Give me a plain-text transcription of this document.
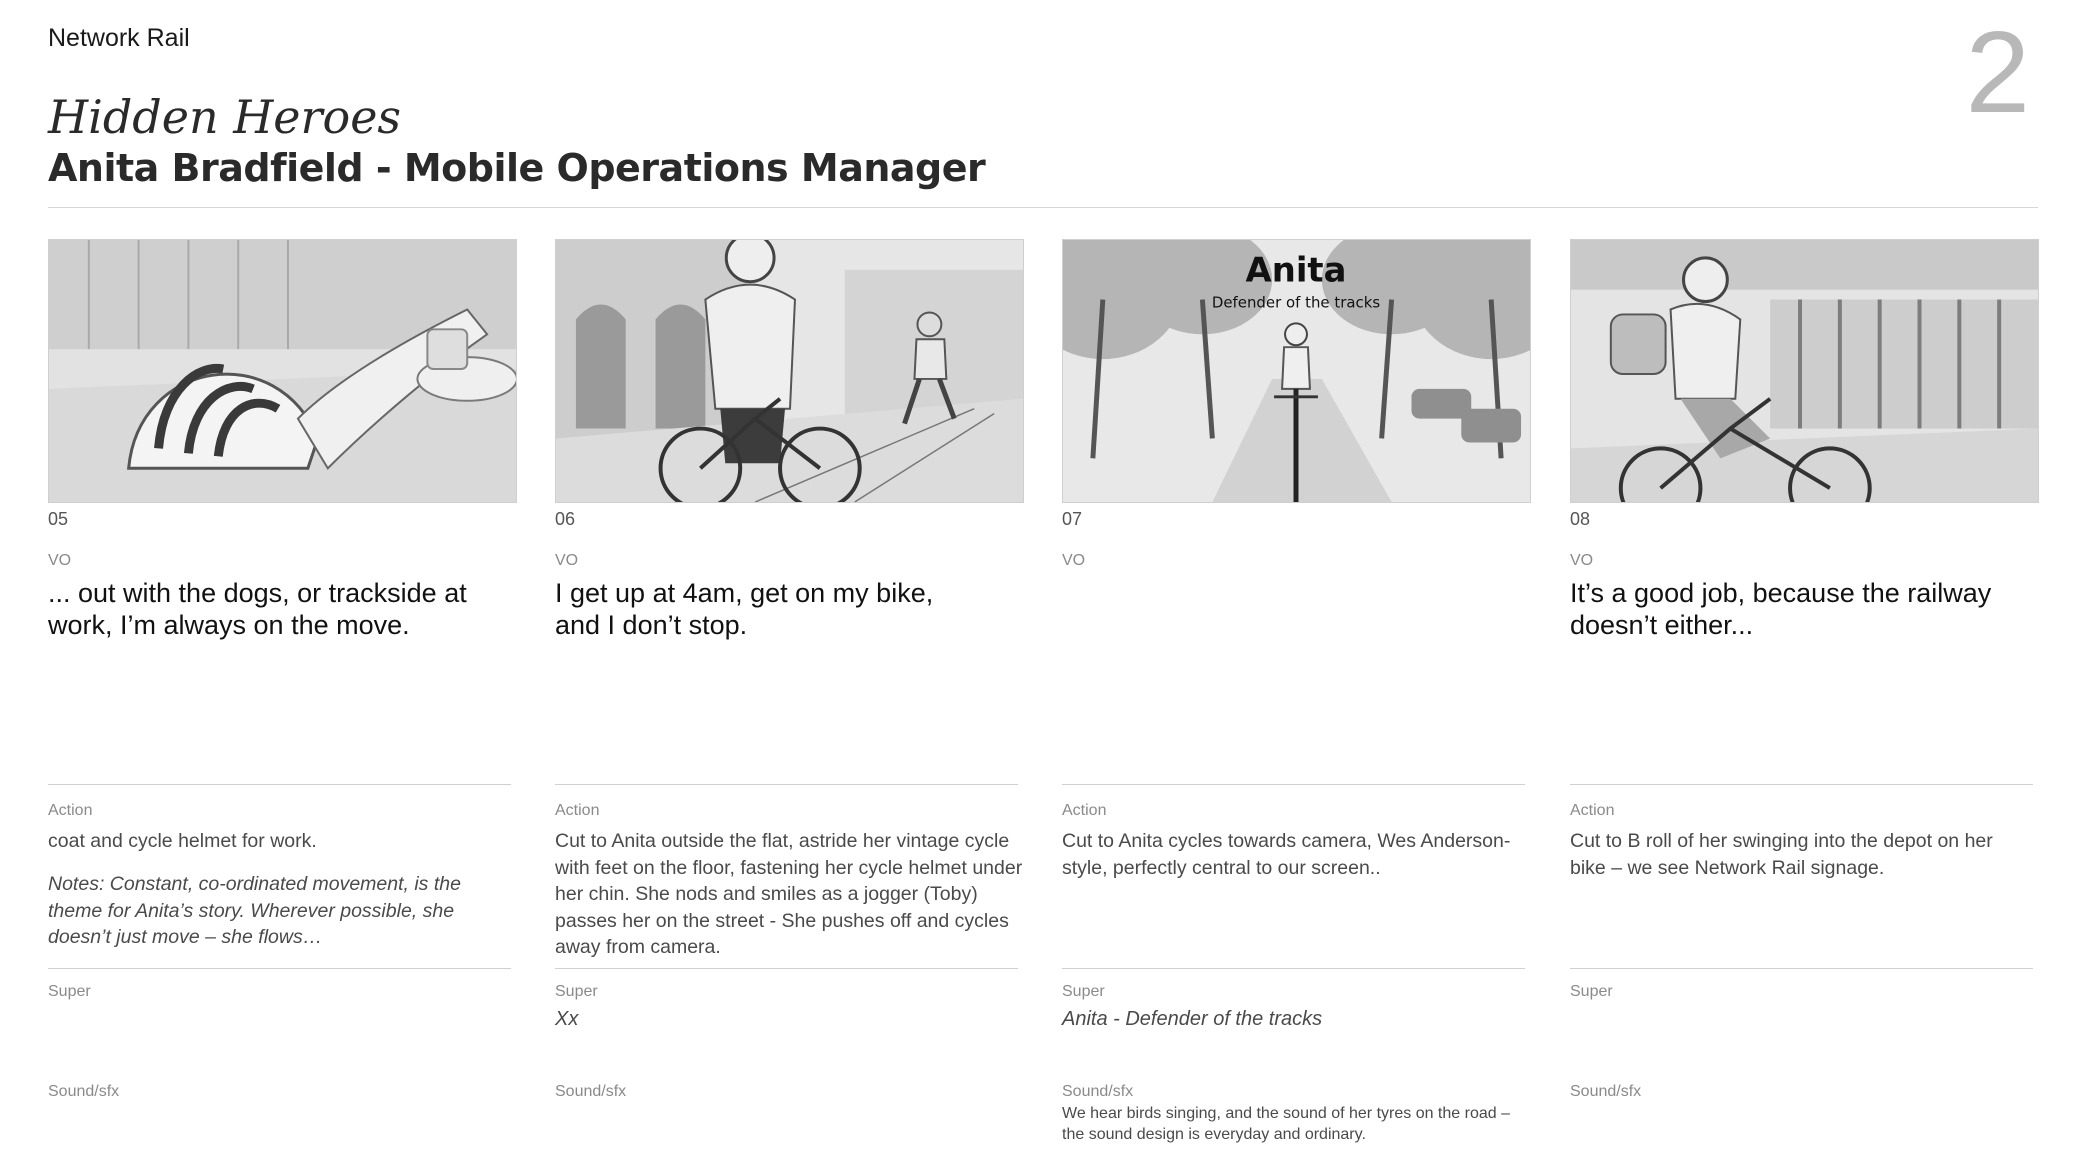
Network Rail	2
Hidden Heroes
Anita Bradfield - Mobile Operations Manager
05
VO
... out with the dogs, or trackside at work, I’m always on the move.
Action
coat and cycle helmet for work.
Notes: Constant, co-ordinated movement, is the theme for Anita’s story. Wherever possible, she doesn’t just move – she flows…
Super
Sound/sfx
06
VO
I get up at 4am, get on my bike, and I don’t stop.
Action
Cut to Anita outside the flat, astride her vintage cycle with feet on the floor, fastening her cycle helmet under her chin. She nods and smiles as a jogger (Toby) passes her on the street - She pushes off and cycles away from camera.
Super
Xx
Sound/sfx
Anita
Defender of the tracks
07
VO
Action
Cut to Anita cycles towards camera, Wes Anderson-style, perfectly central to our screen..
Super
Anita - Defender of the tracks
Sound/sfx
We hear birds singing, and the sound of her tyres on the road – the sound design is everyday and ordinary.
08
VO
It’s a good job, because the railway doesn’t either...
Action
Cut to B roll of her swinging into the depot on her bike – we see Network Rail signage.
Super
Sound/sfx
